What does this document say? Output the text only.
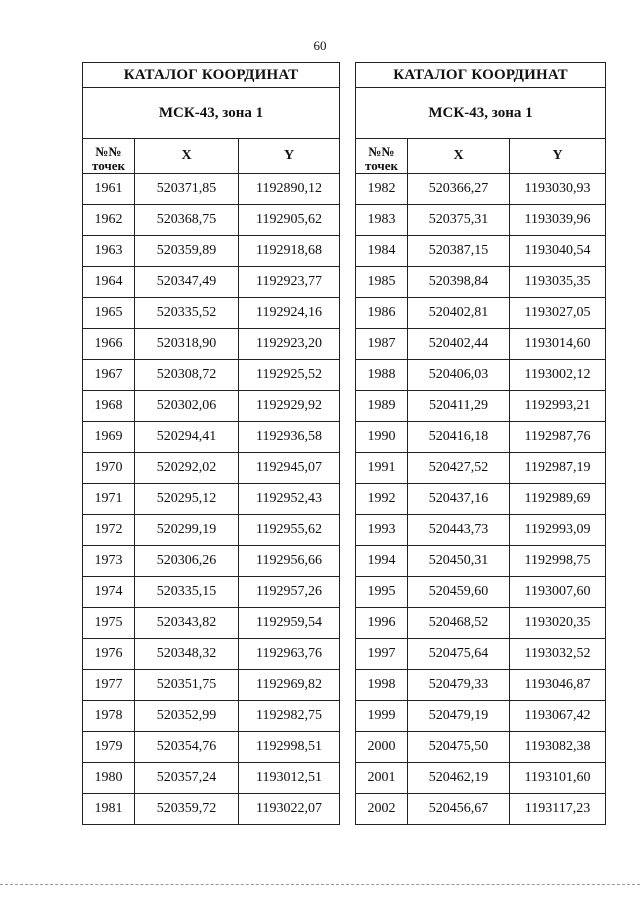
60
КАТАЛОГ КООРДИНАТ		
МСК-43, зона 1		
№№ точек	X	Y
1961	520371,85	1192890,12
1962	520368,75	1192905,62
1963	520359,89	1192918,68
1964	520347,49	1192923,77
1965	520335,52	1192924,16
1966	520318,90	1192923,20
1967	520308,72	1192925,52
1968	520302,06	1192929,92
1969	520294,41	1192936,58
1970	520292,02	1192945,07
1971	520295,12	1192952,43
1972	520299,19	1192955,62
1973	520306,26	1192956,66
1974	520335,15	1192957,26
1975	520343,82	1192959,54
1976	520348,32	1192963,76
1977	520351,75	1192969,82
1978	520352,99	1192982,75
1979	520354,76	1192998,51
1980	520357,24	1193012,51
1981	520359,72	1193022,07
КАТАЛОГ КООРДИНАТ		
МСК-43, зона 1		
№№ точек	X	Y
1982	520366,27	1193030,93
1983	520375,31	1193039,96
1984	520387,15	1193040,54
1985	520398,84	1193035,35
1986	520402,81	1193027,05
1987	520402,44	1193014,60
1988	520406,03	1193002,12
1989	520411,29	1192993,21
1990	520416,18	1192987,76
1991	520427,52	1192987,19
1992	520437,16	1192989,69
1993	520443,73	1192993,09
1994	520450,31	1192998,75
1995	520459,60	1193007,60
1996	520468,52	1193020,35
1997	520475,64	1193032,52
1998	520479,33	1193046,87
1999	520479,19	1193067,42
2000	520475,50	1193082,38
2001	520462,19	1193101,60
2002	520456,67	1193117,23
